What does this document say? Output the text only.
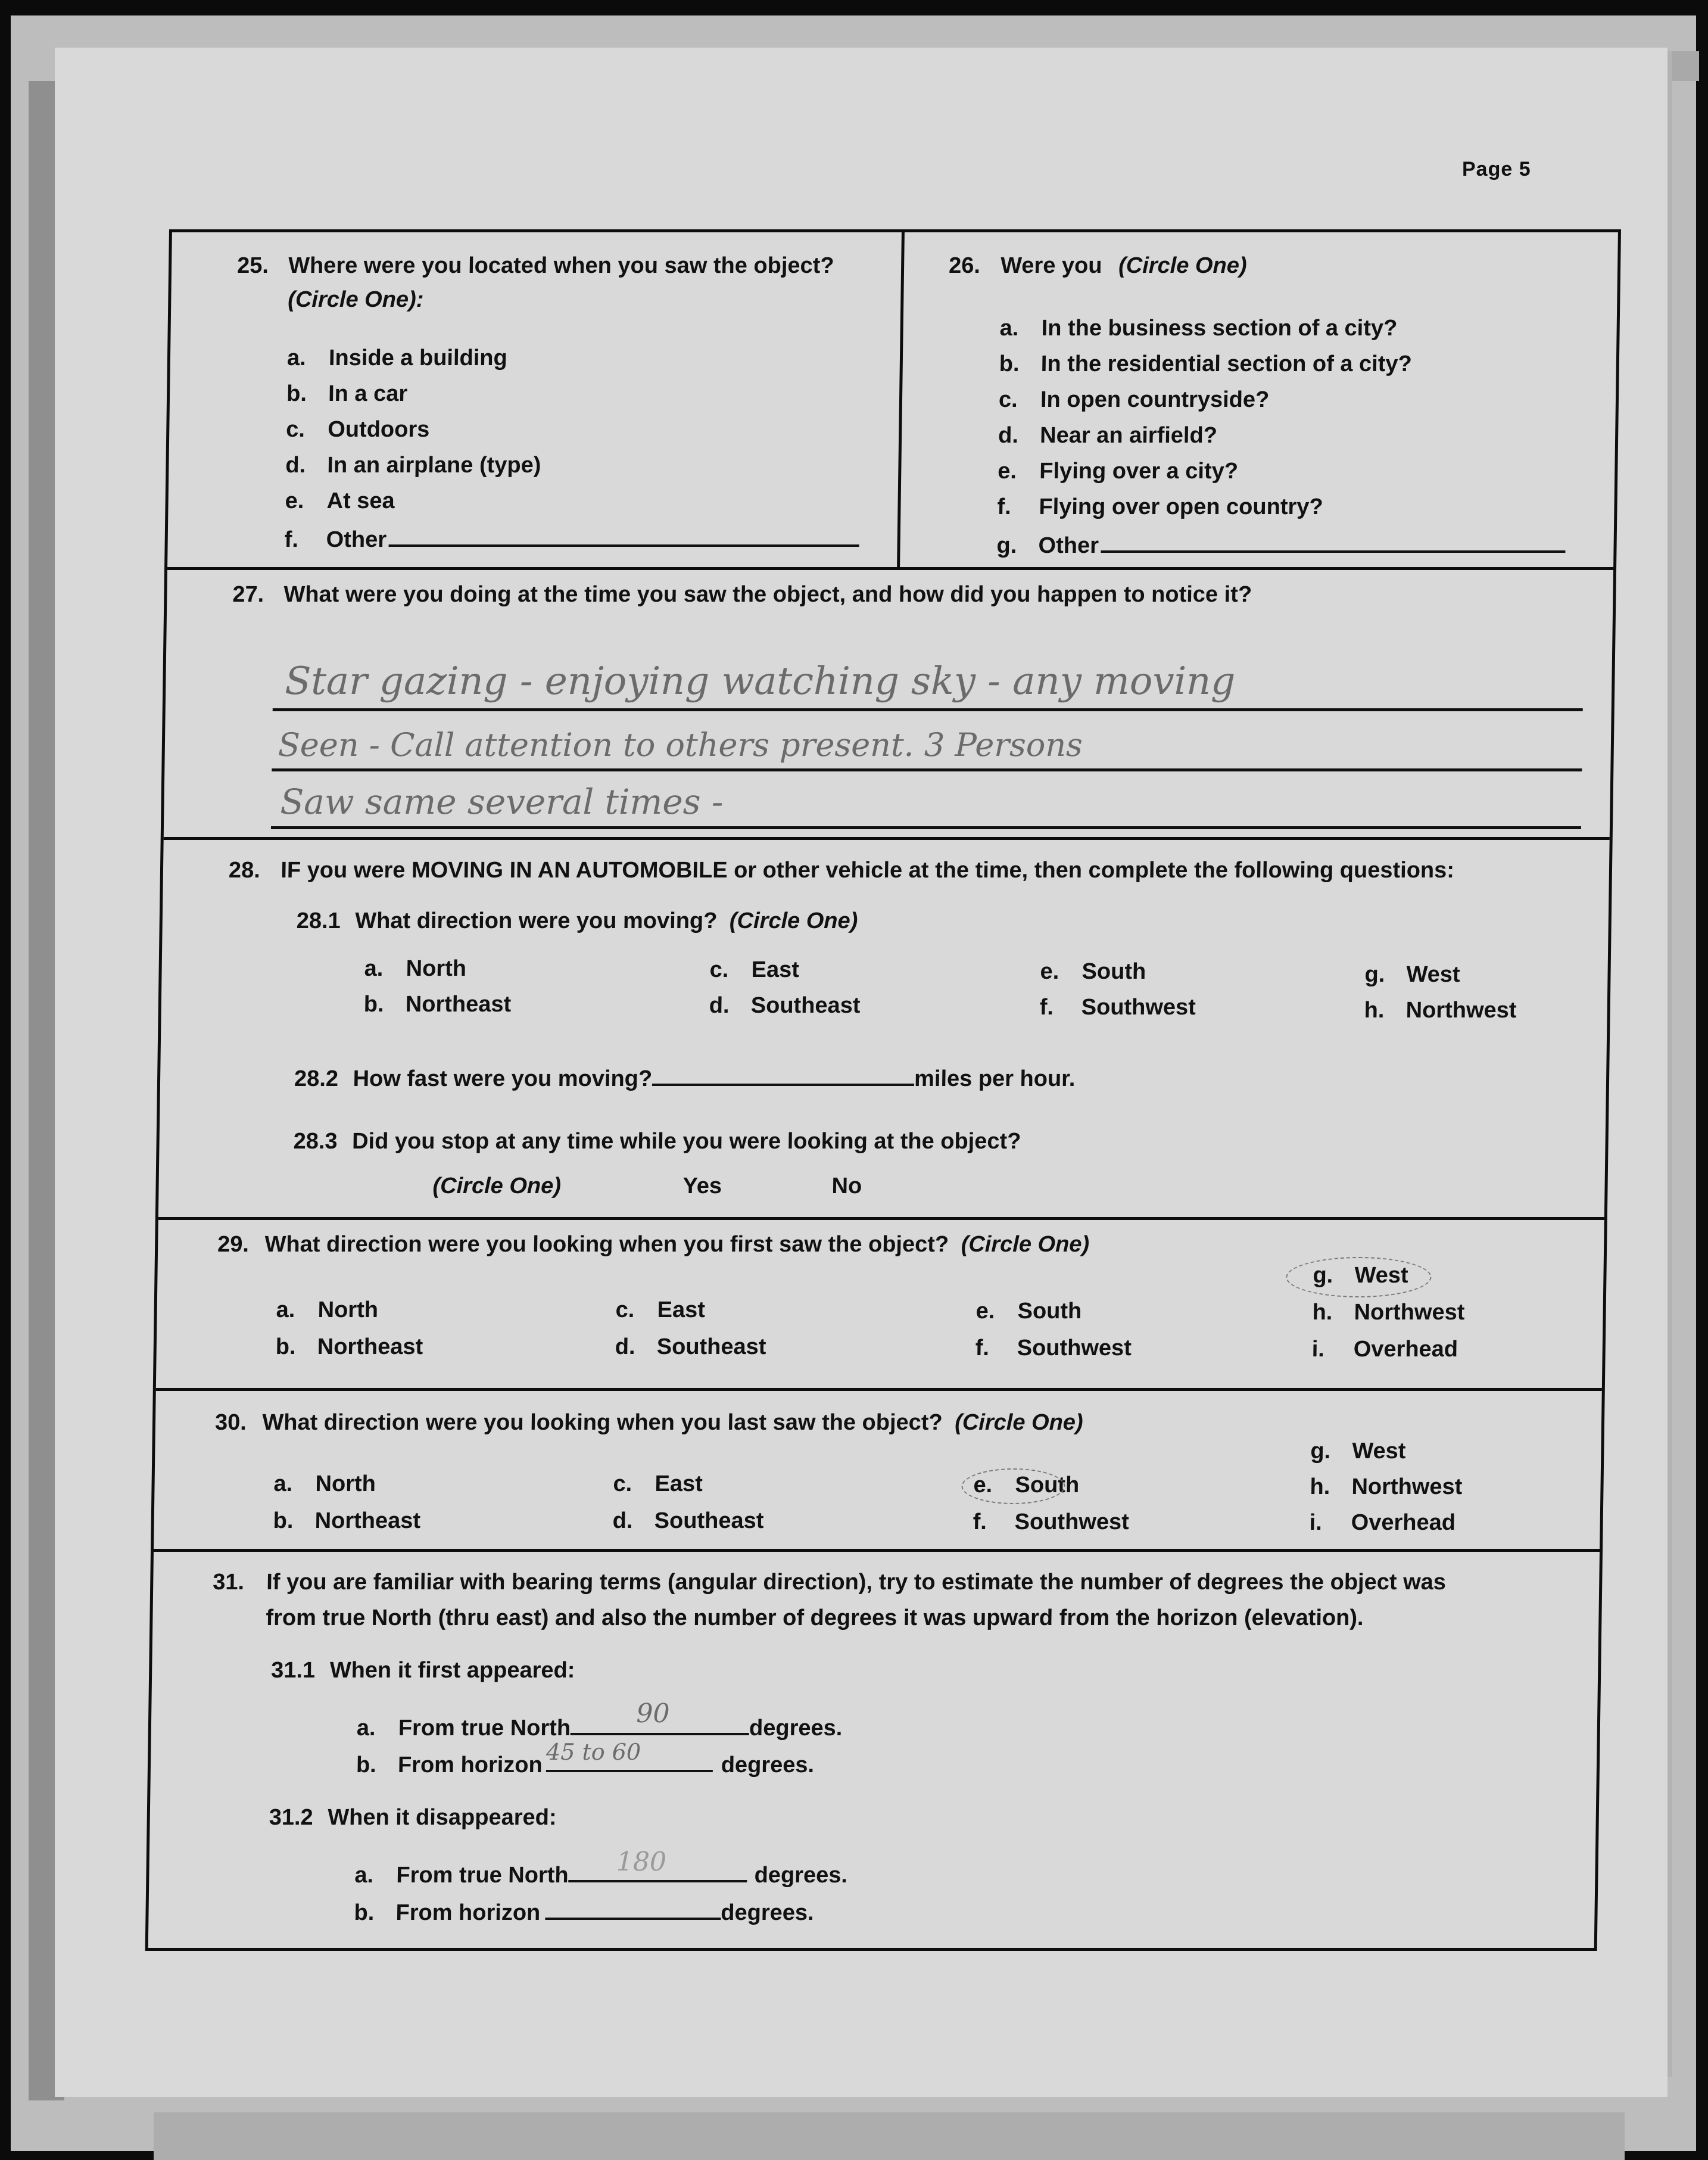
Page 5
25. Where were you located when you saw the object?
(Circle One):
a. Inside a building
b. In a car
c. Outdoors
d. In an airplane (type)
e. At sea
f. Other
26. Were you (Circle One)
a. In the business section of a city?
b. In the residential section of a city?
c. In open countryside?
d. Near an airfield?
e. Flying over a city?
f. Flying over open country?
g. Other
27. What were you doing at the time you saw the object, and how did you happen to notice it?
Star gazing - enjoying watching sky - any moving
Seen - Call attention to others present. 3 Persons
Saw same several times -
28. IF you were MOVING IN AN AUTOMOBILE or other vehicle at the time, then complete the following questions:
28.1 What direction were you moving? (Circle One)
a. North
b. Northeast
c. East
d. Southeast
e. South
f. Southwest
g. West
h. Northwest
28.2 How fast were you moving?	miles per hour.
28.3 Did you stop at any time while you were looking at the object?
(Circle One)	Yes	No
29. What direction were you looking when you first saw the object? (Circle One)
a. North
b. Northeast
c. East
d. Southeast
e. South
f. Southwest
g. West
h. Northwest
i. Overhead
30. What direction were you looking when you last saw the object? (Circle One)
a. North
b. Northeast
c. East
d. Southeast
e. South
f. Southwest
g. West
h. Northwest
i. Overhead
31. If you are familiar with bearing terms (angular direction), try to estimate the number of degrees the object was
from true North (thru east) and also the number of degrees it was upward from the horizon (elevation).
31.1 When it first appeared:
a. From true North 90	degrees.
b. From horizon 45 to 60	degrees.
31.2 When it disappeared:
a. From true North 180	degrees.
b. From horizon	degrees.
